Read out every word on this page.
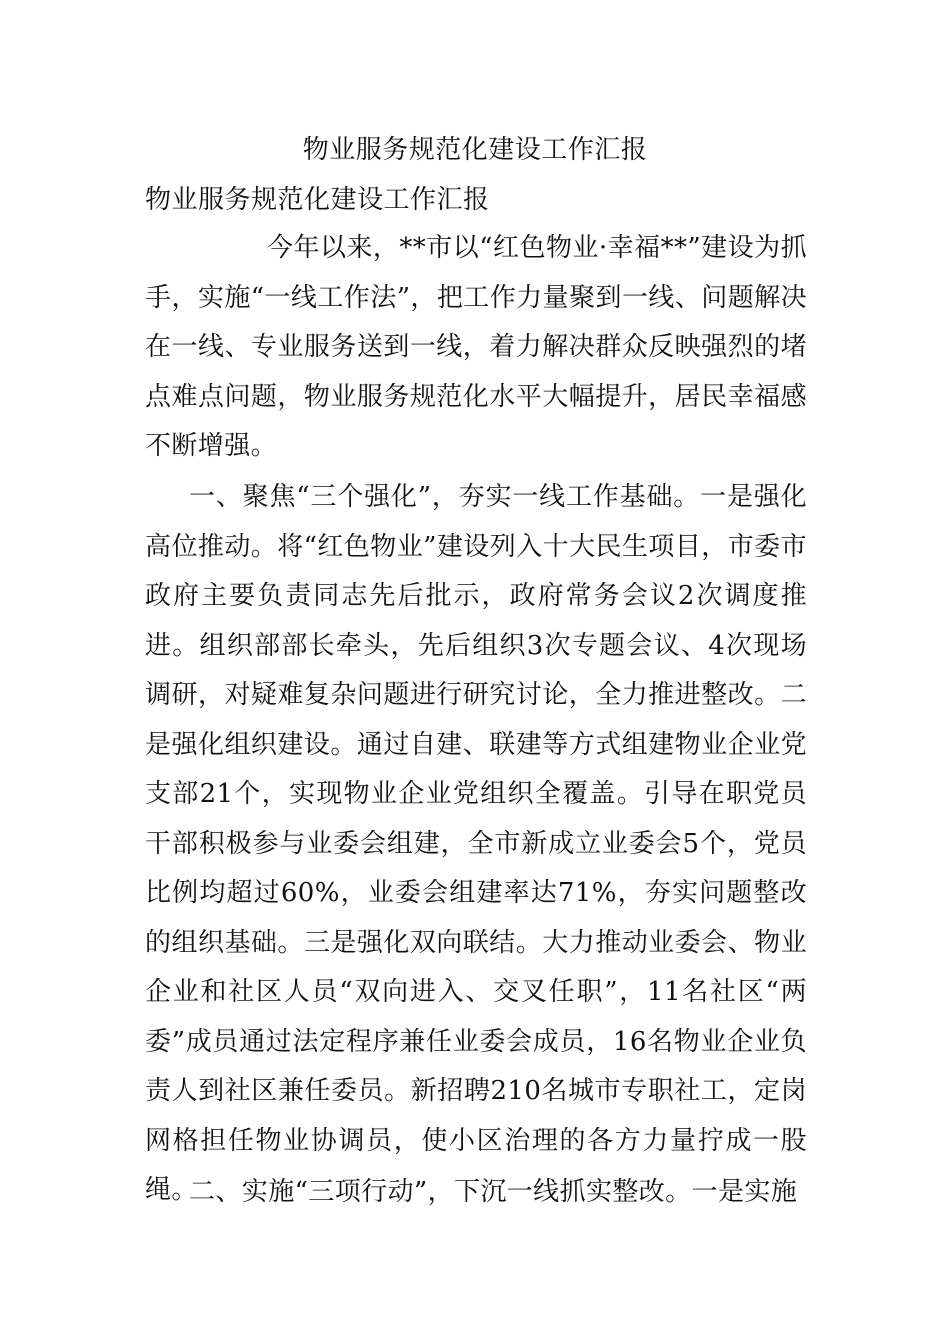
物业服务规范化建设工作汇报
物业服务规范化建设工作汇报

今年以来，**市以“红色物业·幸福**”建设为抓手，实施“一线工作法”，把工作力量聚到一线、问题解决在一线、专业服务送到一线，着力解决群众反映强烈的堵点难点问题，物业服务规范化水平大幅提升，居民幸福感不断增强。

一、聚焦“三个强化”，夯实一线工作基础。一是强化高位推动。将“红色物业”建设列入十大民生项目，市委市政府主要负责同志先后批示，政府常务会议2次调度推进。组织部部长牵头，先后组织3次专题会议、4次现场调研，对疑难复杂问题进行研究讨论，全力推进整改。二是强化组织建设。通过自建、联建等方式组建物业企业党支部21个，实现物业企业党组织全覆盖。引导在职党员干部积极参与业委会组建，全市新成立业委会5个，党员比例均超过60%，业委会组建率达71%，夯实问题整改的组织基础。三是强化双向联结。大力推动业委会、物业企业和社区人员“双向进入、交叉任职”，11名社区“两委”成员通过法定程序兼任业委会成员，16名物业企业负责人到社区兼任委员。新招聘210名城市专职社工，定岗网格担任物业协调员，使小区治理的各方力量拧成一股绳。

二、实施“三项行动”，下沉一线抓实整改。一是实施
